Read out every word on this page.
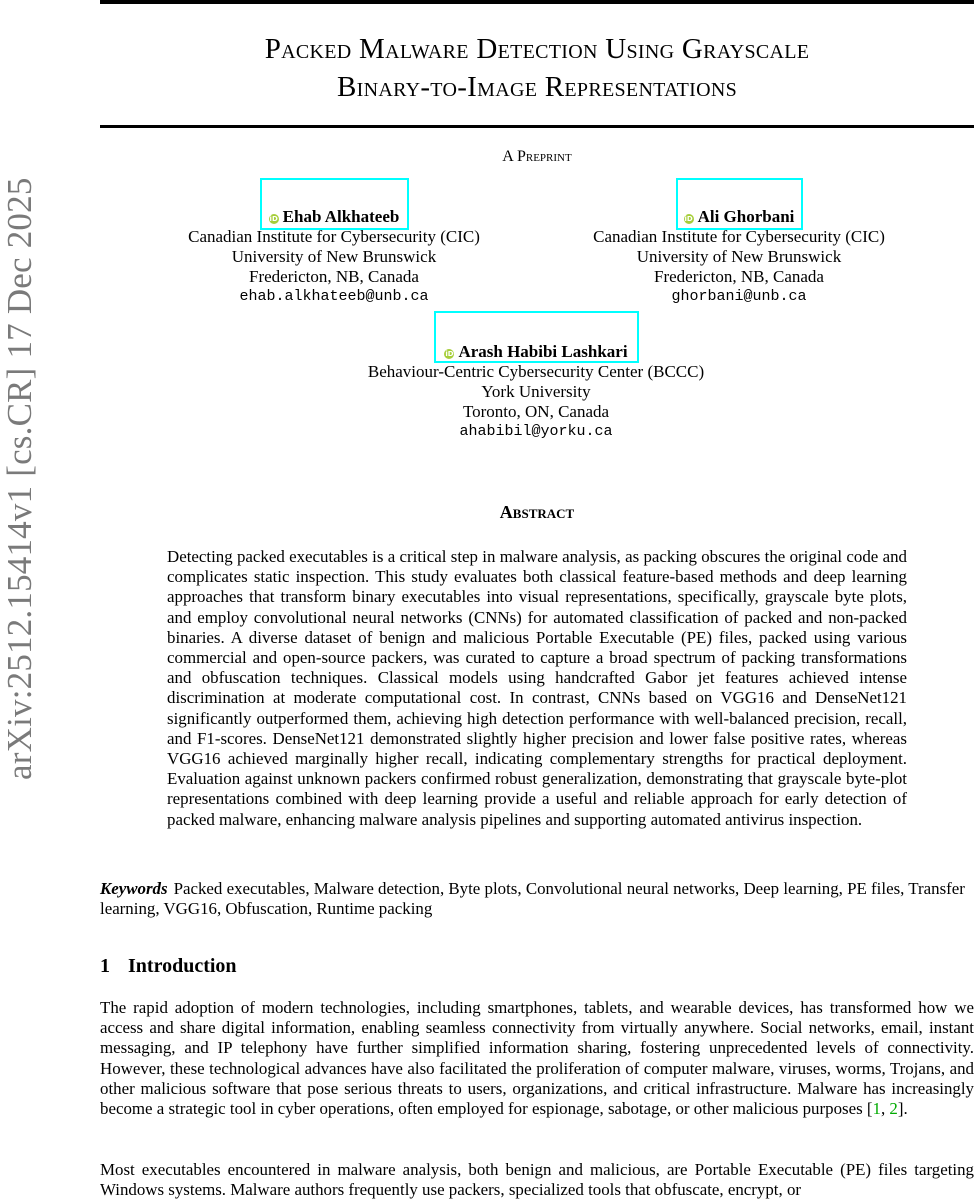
arXiv:2512.15414v1 [cs.CR] 17 Dec 2025
Packed Malware Detection Using Grayscale
Binary-to-Image Representations
A Preprint
iD Ehab Alkhateeb
Canadian Institute for Cybersecurity (CIC)
University of New Brunswick
Fredericton, NB, Canada
ehab.alkhateeb@unb.ca
iD Ali Ghorbani
Canadian Institute for Cybersecurity (CIC)
University of New Brunswick
Fredericton, NB, Canada
ghorbani@unb.ca
iD Arash Habibi Lashkari
Behaviour-Centric Cybersecurity Center (BCCC)
York University
Toronto, ON, Canada
ahabibil@yorku.ca
Abstract
Detecting packed executables is a critical step in malware analysis, as packing obscures the original code and complicates static inspection. This study evaluates both classical feature-based methods and deep learning approaches that transform binary executables into visual representations, specifically, grayscale byte plots, and employ convolutional neural networks (CNNs) for automated classification of packed and non-packed binaries. A diverse dataset of benign and malicious Portable Executable (PE) files, packed using various commercial and open-source packers, was curated to capture a broad spectrum of packing transformations and obfuscation techniques. Classical models using handcrafted Gabor jet features achieved intense discrimination at moderate computational cost. In contrast, CNNs based on VGG16 and DenseNet121 significantly outperformed them, achieving high detection performance with well-balanced precision, recall, and F1-scores. DenseNet121 demonstrated slightly higher precision and lower false positive rates, whereas VGG16 achieved marginally higher recall, indicating complementary strengths for practical deployment. Evaluation against unknown packers confirmed robust generalization, demonstrating that grayscale byte-plot representations combined with deep learning provide a useful and reliable approach for early detection of packed malware, enhancing malware analysis pipelines and supporting automated antivirus inspection.
Keywords Packed executables, Malware detection, Byte plots, Convolutional neural networks, Deep learning, PE files, Transfer learning, VGG16, Obfuscation, Runtime packing
1 Introduction
The rapid adoption of modern technologies, including smartphones, tablets, and wearable devices, has transformed how we access and share digital information, enabling seamless connectivity from virtually anywhere. Social networks, email, instant messaging, and IP telephony have further simplified information sharing, fostering unprecedented levels of connectivity. However, these technological advances have also facilitated the proliferation of computer malware, viruses, worms, Trojans, and other malicious software that pose serious threats to users, organizations, and critical infrastructure. Malware has increasingly become a strategic tool in cyber operations, often employed for espionage, sabotage, or other malicious purposes [1, 2].
Most executables encountered in malware analysis, both benign and malicious, are Portable Executable (PE) files targeting Windows systems. Malware authors frequently use packers, specialized tools that obfuscate, encrypt, or
